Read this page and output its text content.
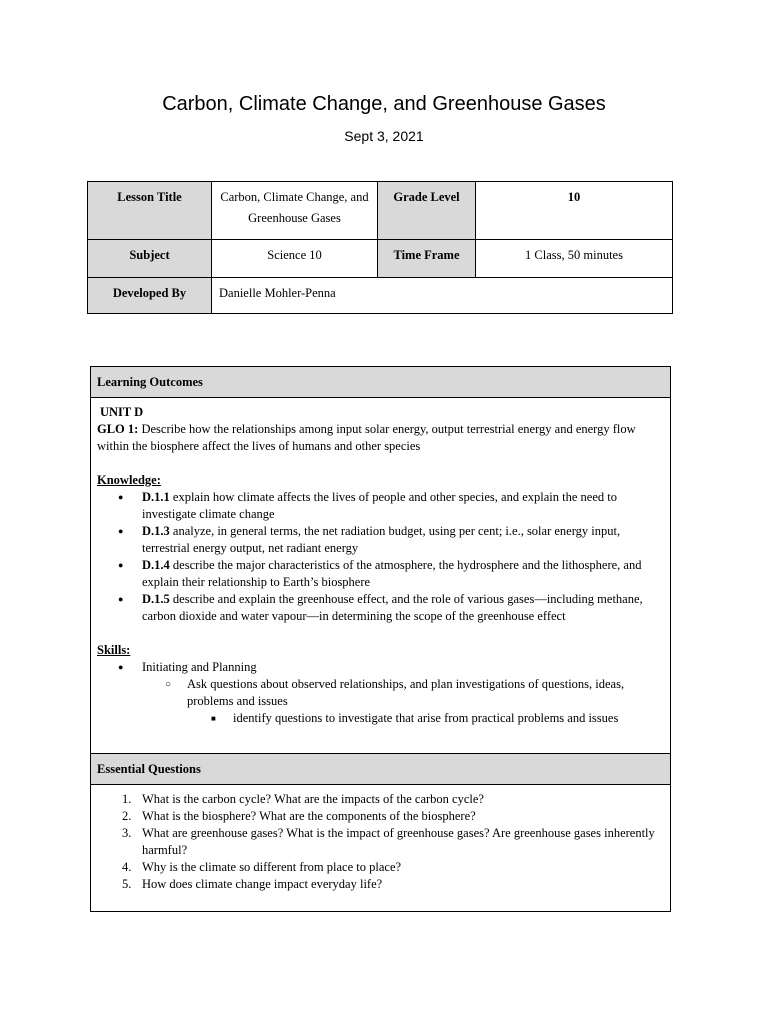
Carbon, Climate Change, and Greenhouse Gases
Sept 3, 2021
Lesson Title	Carbon, Climate Change, and
Greenhouse Gases	Grade Level	10

Subject	Science 10	Time Frame	1 Class, 50 minutes

Developed By	Danielle Mohler-Penna		
Learning Outcomes

UNIT D
GLO 1: Describe how the relationships among input solar energy, output terrestrial energy and energy flow
within the biosphere affect the lives of humans and other species
Knowledge:
● D.1.1 explain how climate affects the lives of people and other species, and explain the need to
investigate climate change
● D.1.3 analyze, in general terms, the net radiation budget, using per cent; i.e., solar energy input,
terrestrial energy output, net radiant energy
● D.1.4 describe the major characteristics of the atmosphere, the hydrosphere and the lithosphere, and
explain their relationship to Earth’s biosphere
● D.1.5 describe and explain the greenhouse effect, and the role of various gases—including methane,
carbon dioxide and water vapour—in determining the scope of the greenhouse effect
Skills:
● Initiating and Planning
○ Ask questions about observed relationships, and plan investigations of questions, ideas,
problems and issues
■ identify questions to investigate that arise from practical problems and issues

Essential Questions

1. What is the carbon cycle? What are the impacts of the carbon cycle?
2. What is the biosphere? What are the components of the biosphere?
3. What are greenhouse gases? What is the impact of greenhouse gases? Are greenhouse gases inherently
harmful?
4. Why is the climate so different from place to place?
5. How does climate change impact everyday life?
